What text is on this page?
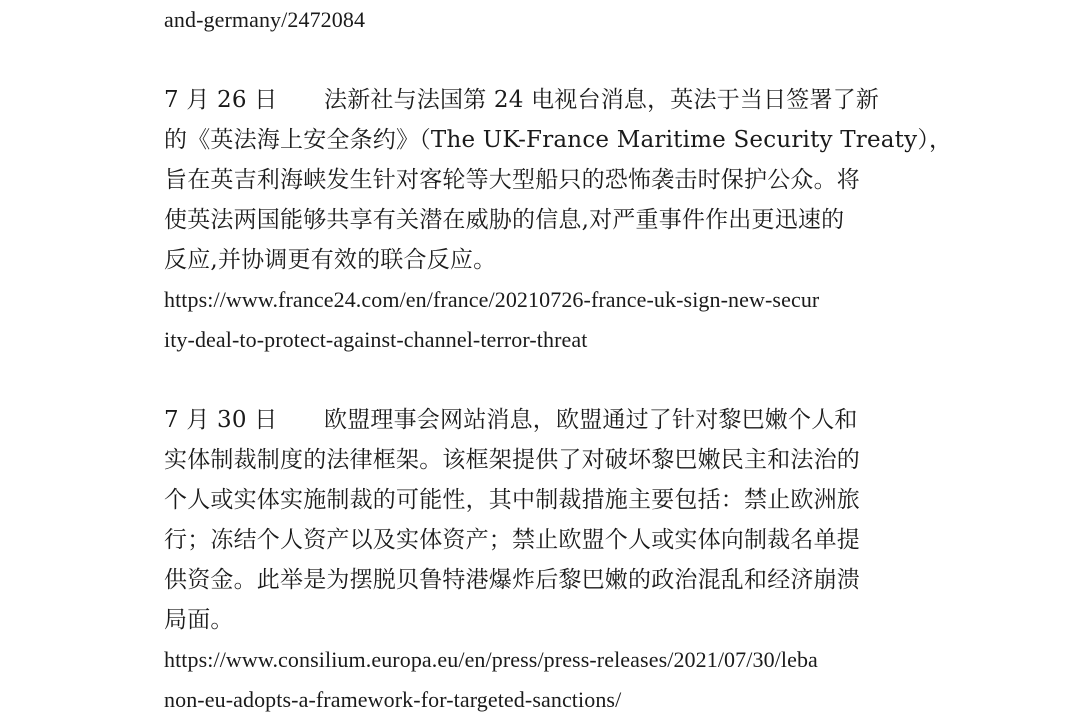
and-germany/2472084
7 月 26 日 法新社与法国第 24 电视台消息，英法于当日签署了新
的《英法海上安全条约》（The UK-France Maritime Security Treaty），
旨在英吉利海峡发生针对客轮等大型船只的恐怖袭击时保护公众。将
使英法两国能够共享有关潜在威胁的信息,对严重事件作出更迅速的
反应,并协调更有效的联合反应。
https://www.france24.com/en/france/20210726-france-uk-sign-new-secur
ity-deal-to-protect-against-channel-terror-threat
7 月 30 日 欧盟理事会网站消息，欧盟通过了针对黎巴嫩个人和
实体制裁制度的法律框架。该框架提供了对破坏黎巴嫩民主和法治的
个人或实体实施制裁的可能性，其中制裁措施主要包括：禁止欧洲旅
行；冻结个人资产以及实体资产；禁止欧盟个人或实体向制裁名单提
供资金。此举是为摆脱贝鲁特港爆炸后黎巴嫩的政治混乱和经济崩溃
局面。
https://www.consilium.europa.eu/en/press/press-releases/2021/07/30/leba
non-eu-adopts-a-framework-for-targeted-sanctions/
